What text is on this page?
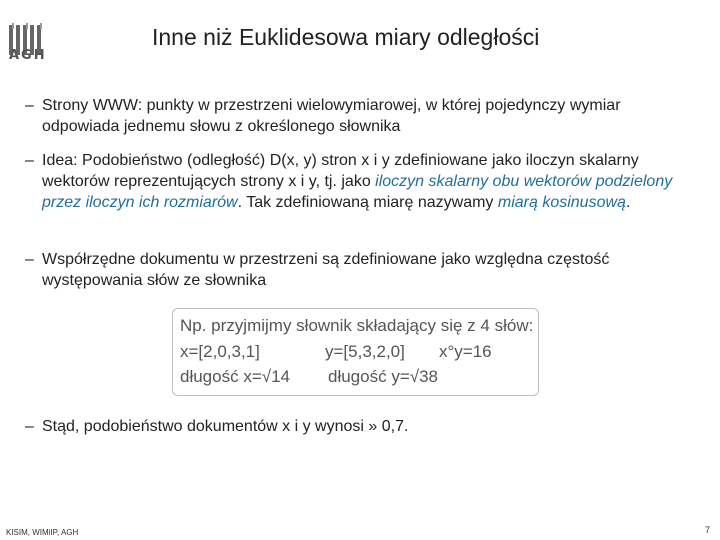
AGH
Inne niż Euklidesowa miary odległości
– Strony WWW: punkty w przestrzeni wielowymiarowej, w której pojedynczy wymiar odpowiada jednemu słowu z określonego słownika
– Idea: Podobieństwo (odległość) D(x, y) stron x i y zdefiniowane jako iloczyn skalarny wektorów reprezentujących strony x i y, tj. jako iloczyn skalarny obu wektorów podzielony przez iloczyn ich rozmiarów. Tak zdefiniowaną miarę nazywamy miarą kosinusową.
– Współrzędne dokumentu w przestrzeni są zdefiniowane jako względna częstość występowania słów ze słownika
Np. przyjmijmy słownik składający się z 4 słów:
x=[2,0,3,1]	y=[5,3,2,0] x°y=16
długość x=√14 długość y=√38
– Stąd, podobieństwo dokumentów x i y wynosi » 0,7.
KISIM, WIMiIP, AGH	7
